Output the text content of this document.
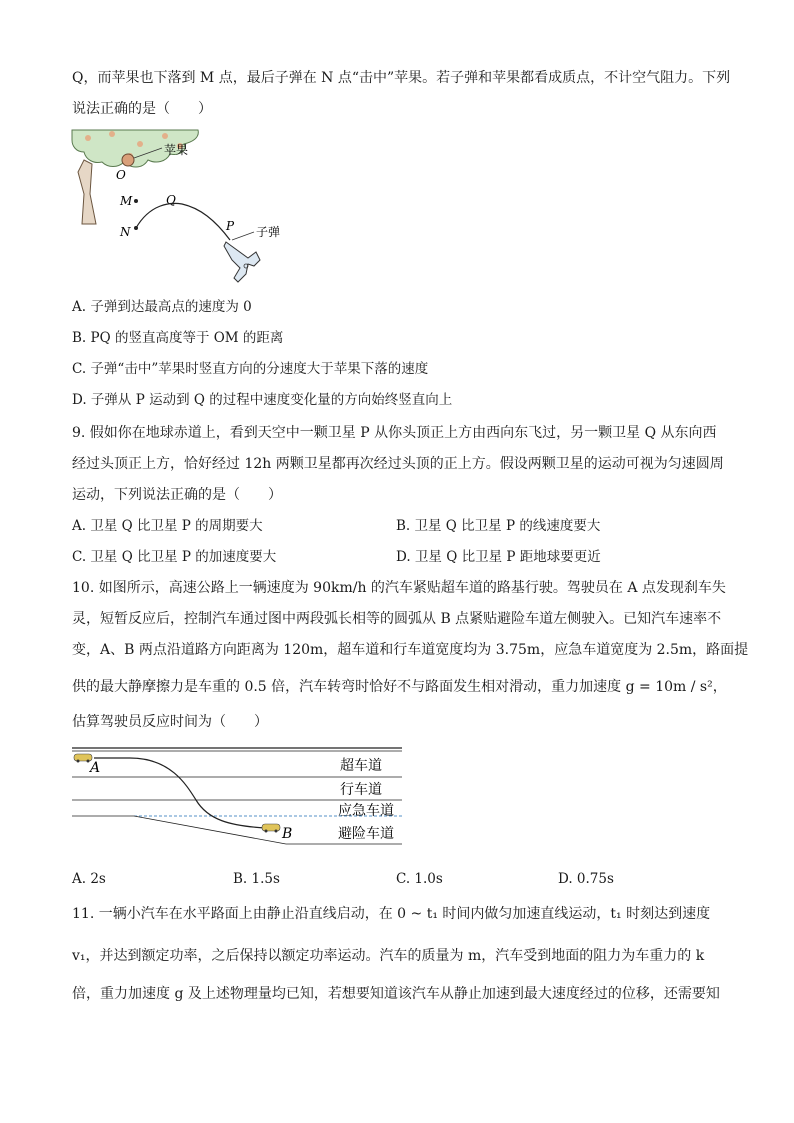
Q，而苹果也下落到 M 点，最后子弹在 N 点“击中”苹果。若子弹和苹果都看成质点，不计空气阻力。下列
说法正确的是（　　）
苹果
O
M
N
Q
P 子弹
A. 子弹到达最高点的速度为 0
B. PQ 的竖直高度等于 OM 的距离
C. 子弹“击中”苹果时竖直方向的分速度大于苹果下落的速度
D. 子弹从 P 运动到 Q 的过程中速度变化量的方向始终竖直向上
9. 假如你在地球赤道上，看到天空中一颗卫星 P 从你头顶正上方由西向东飞过，另一颗卫星 Q 从东向西
经过头顶正上方，恰好经过 12h 两颗卫星都再次经过头顶的正上方。假设两颗卫星的运动可视为匀速圆周
运动，下列说法正确的是（　　）
A. 卫星 Q 比卫星 P 的周期要大	B. 卫星 Q 比卫星 P 的线速度要大
C. 卫星 Q 比卫星 P 的加速度要大	D. 卫星 Q 比卫星 P 距地球要更近
10. 如图所示，高速公路上一辆速度为 90km/h 的汽车紧贴超车道的路基行驶。驾驶员在 A 点发现刹车失
灵，短暂反应后，控制汽车通过图中两段弧长相等的圆弧从 B 点紧贴避险车道左侧驶入。已知汽车速率不
变，A、B 两点沿道路方向距离为 120m，超车道和行车道宽度均为 3.75m，应急车道宽度为 2.5m，路面提
供的最大静摩擦力是车重的 0.5 倍，汽车转弯时恰好不与路面发生相对滑动，重力加速度 g = 10m / s²，
估算驾驶员反应时间为（　　）
A
B
超车道
行车道
应急车道
避险车道
A. 2s	B. 1.5s	C. 1.0s	D. 0.75s
11. 一辆小汽车在水平路面上由静止沿直线启动，在 0 ~ t₁ 时间内做匀加速直线运动，t₁ 时刻达到速度
v₁，并达到额定功率，之后保持以额定功率运动。汽车的质量为 m，汽车受到地面的阻力为车重力的 k
倍，重力加速度 g 及上述物理量均已知，若想要知道该汽车从静止加速到最大速度经过的位移，还需要知
